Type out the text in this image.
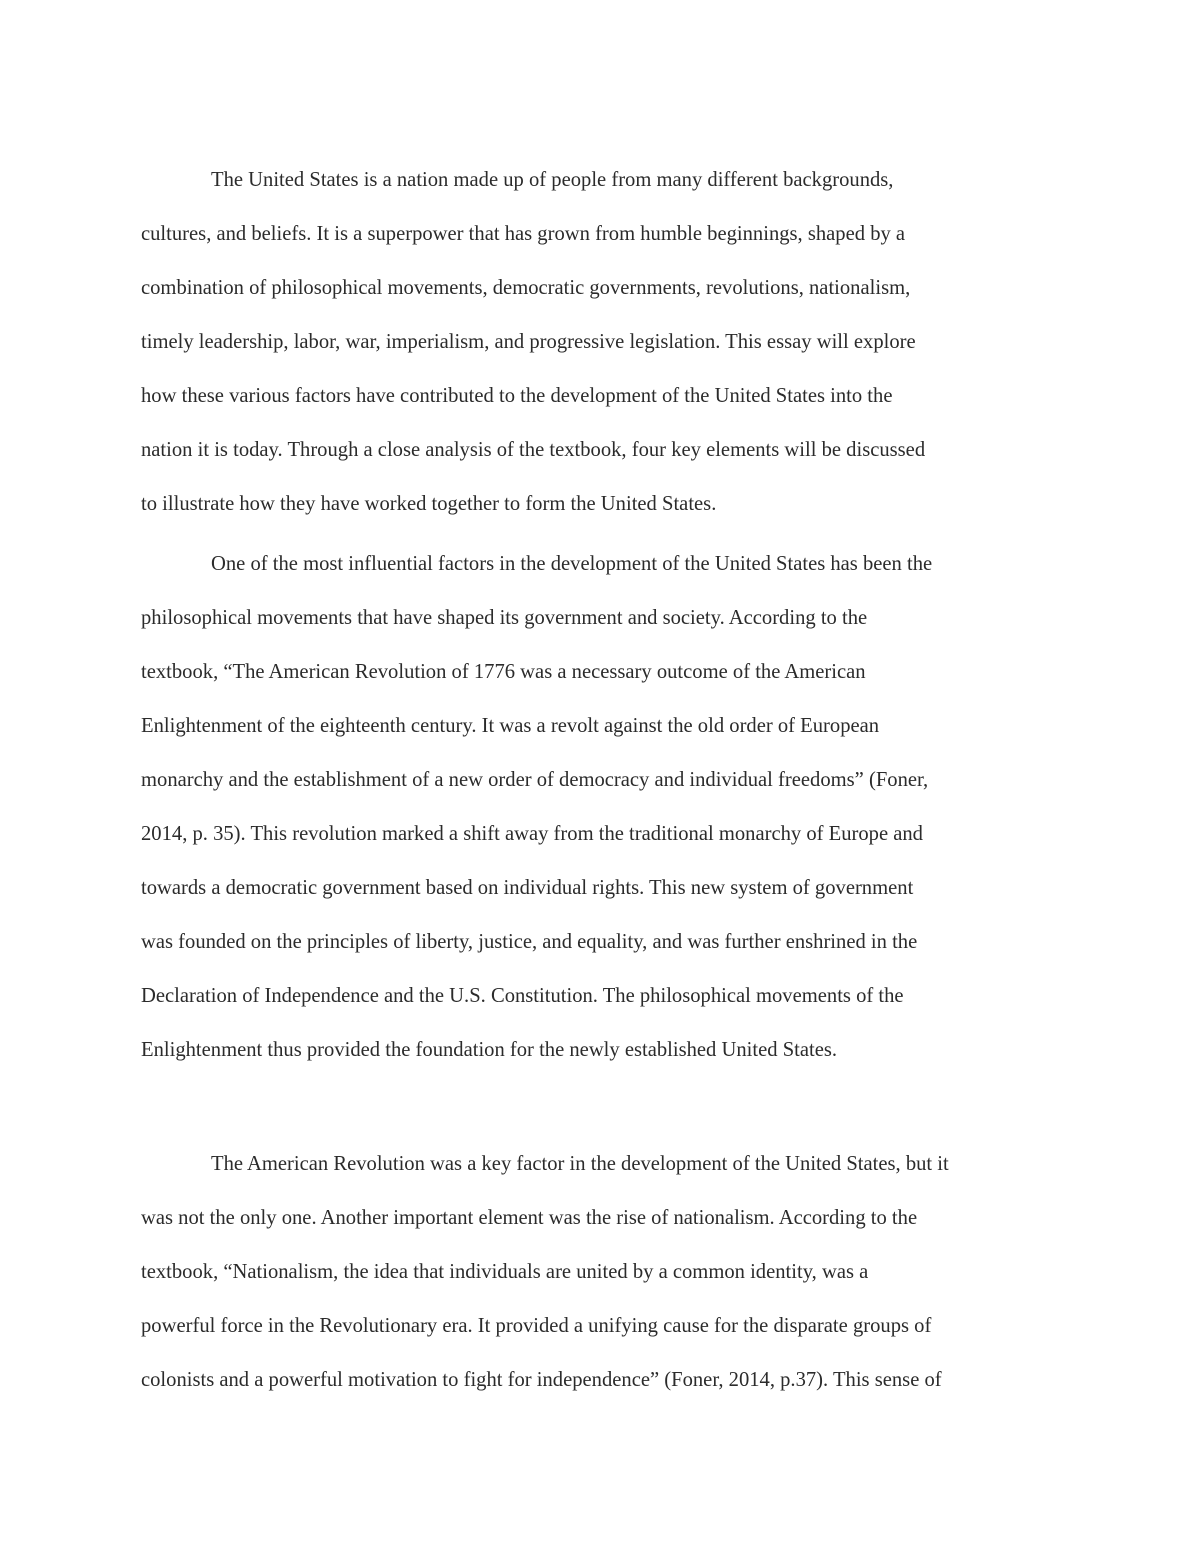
The United States is a nation made up of people from many different backgrounds,
cultures, and beliefs. It is a superpower that has grown from humble beginnings, shaped by a
combination of philosophical movements, democratic governments, revolutions, nationalism,
timely leadership, labor, war, imperialism, and progressive legislation. This essay will explore
how these various factors have contributed to the development of the United States into the
nation it is today. Through a close analysis of the textbook, four key elements will be discussed
to illustrate how they have worked together to form the United States.
One of the most influential factors in the development of the United States has been the
philosophical movements that have shaped its government and society. According to the
textbook, “The American Revolution of 1776 was a necessary outcome of the American
Enlightenment of the eighteenth century. It was a revolt against the old order of European
monarchy and the establishment of a new order of democracy and individual freedoms” (Foner,
2014, p. 35). This revolution marked a shift away from the traditional monarchy of Europe and
towards a democratic government based on individual rights. This new system of government
was founded on the principles of liberty, justice, and equality, and was further enshrined in the
Declaration of Independence and the U.S. Constitution. The philosophical movements of the
Enlightenment thus provided the foundation for the newly established United States.
The American Revolution was a key factor in the development of the United States, but it
was not the only one. Another important element was the rise of nationalism. According to the
textbook, “Nationalism, the idea that individuals are united by a common identity, was a
powerful force in the Revolutionary era. It provided a unifying cause for the disparate groups of
colonists and a powerful motivation to fight for independence” (Foner, 2014, p.37). This sense of
